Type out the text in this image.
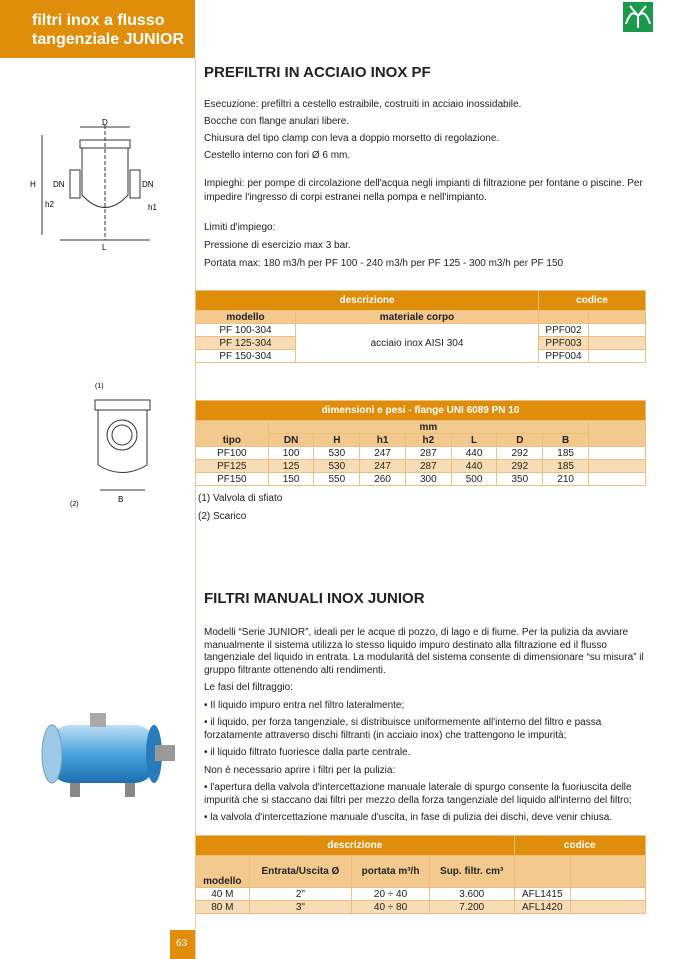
filtri inox a flusso
tangenziale JUNIOR
PREFILTRI IN ACCIAIO INOX PF

Esecuzione: prefiltri a cestello estraibile, costruiti in acciaio inossidabile.

Bocche con flange anulari libere.

Chiusura del tipo clamp con leva a doppio morsetto di regolazione.

Cestello interno con fori Ø 6 mm.

Impieghi: per pompe di circolazione dell'acqua negli impianti di filtrazione per fontane o piscine. Per impedire l'ingresso di corpi estranei nella pompa e nell'impianto.

Limiti d'impiego:

Pressione di esercizio max 3 bar.

Portata max: 180 m3/h per PF 100 - 240 m3/h per PF 125 - 300 m3/h per PF 150

D
H DN
h2
DN
h1
L
(1)
(2)
B
descrizione		codice	
modello	materiale corpo		
PF 100-304	acciaio inox AISI 304	PPF002	
PF 125-304		PPF003	
PF 150-304		PPF004	
dimensioni e pesi - flange UNI 6089 PN 10								
tipo	mm							
	DN	H	h1	h2	L	D	B	
PF100	100	530	247	287	440	292	185	
PF125	125	530	247	287	440	292	185	
PF150	150	550	260	300	500	350	210	
(1) Valvola di sfiato
(2) Scarico
FILTRI MANUALI INOX JUNIOR

Modelli “Serie JUNIOR”, ideali per le acque di pozzo, di lago e di fiume. Per la pulizia da avviare manualmente il sistema utilizza lo stesso liquido impuro destinato alla filtrazione ed il flusso tangenziale del liquido in entrata. La modularità del sistema consente di dimensionare “su misura” il gruppo filtrante ottenendo alti rendimenti.

Le fasi del filtraggio:

• Il liquido impuro entra nel filtro lateralmente;

• il liquido, per forza tangenziale, si distribuisce uniformemente all'interno del filtro e passa forzatamente attraverso dischi filtranti (in acciaio inox) che trattengono le impurità;

• il liquido filtrato fuoriesce dalla parte centrale.

Non è necessario aprire i filtri per la pulizia:

• l'apertura della valvola d'intercettazione manuale laterale di spurgo consente la fuoriuscita delle impurità che si staccano dai filtri per mezzo della forza tangenziale del liquido all'interno del filtro;

• la valvola d'intercettazione manuale d'uscita, in fase di pulizia dei dischi, deve venir chiusa.

descrizione				codice	
modello	Entrata/Uscita Ø	portata m³/h	Sup. filtr. cm³		
40 M	2"	20 ÷ 40	3.600	AFL1415	
80 M	3"	40 ÷ 80	7.200	AFL1420	
63
